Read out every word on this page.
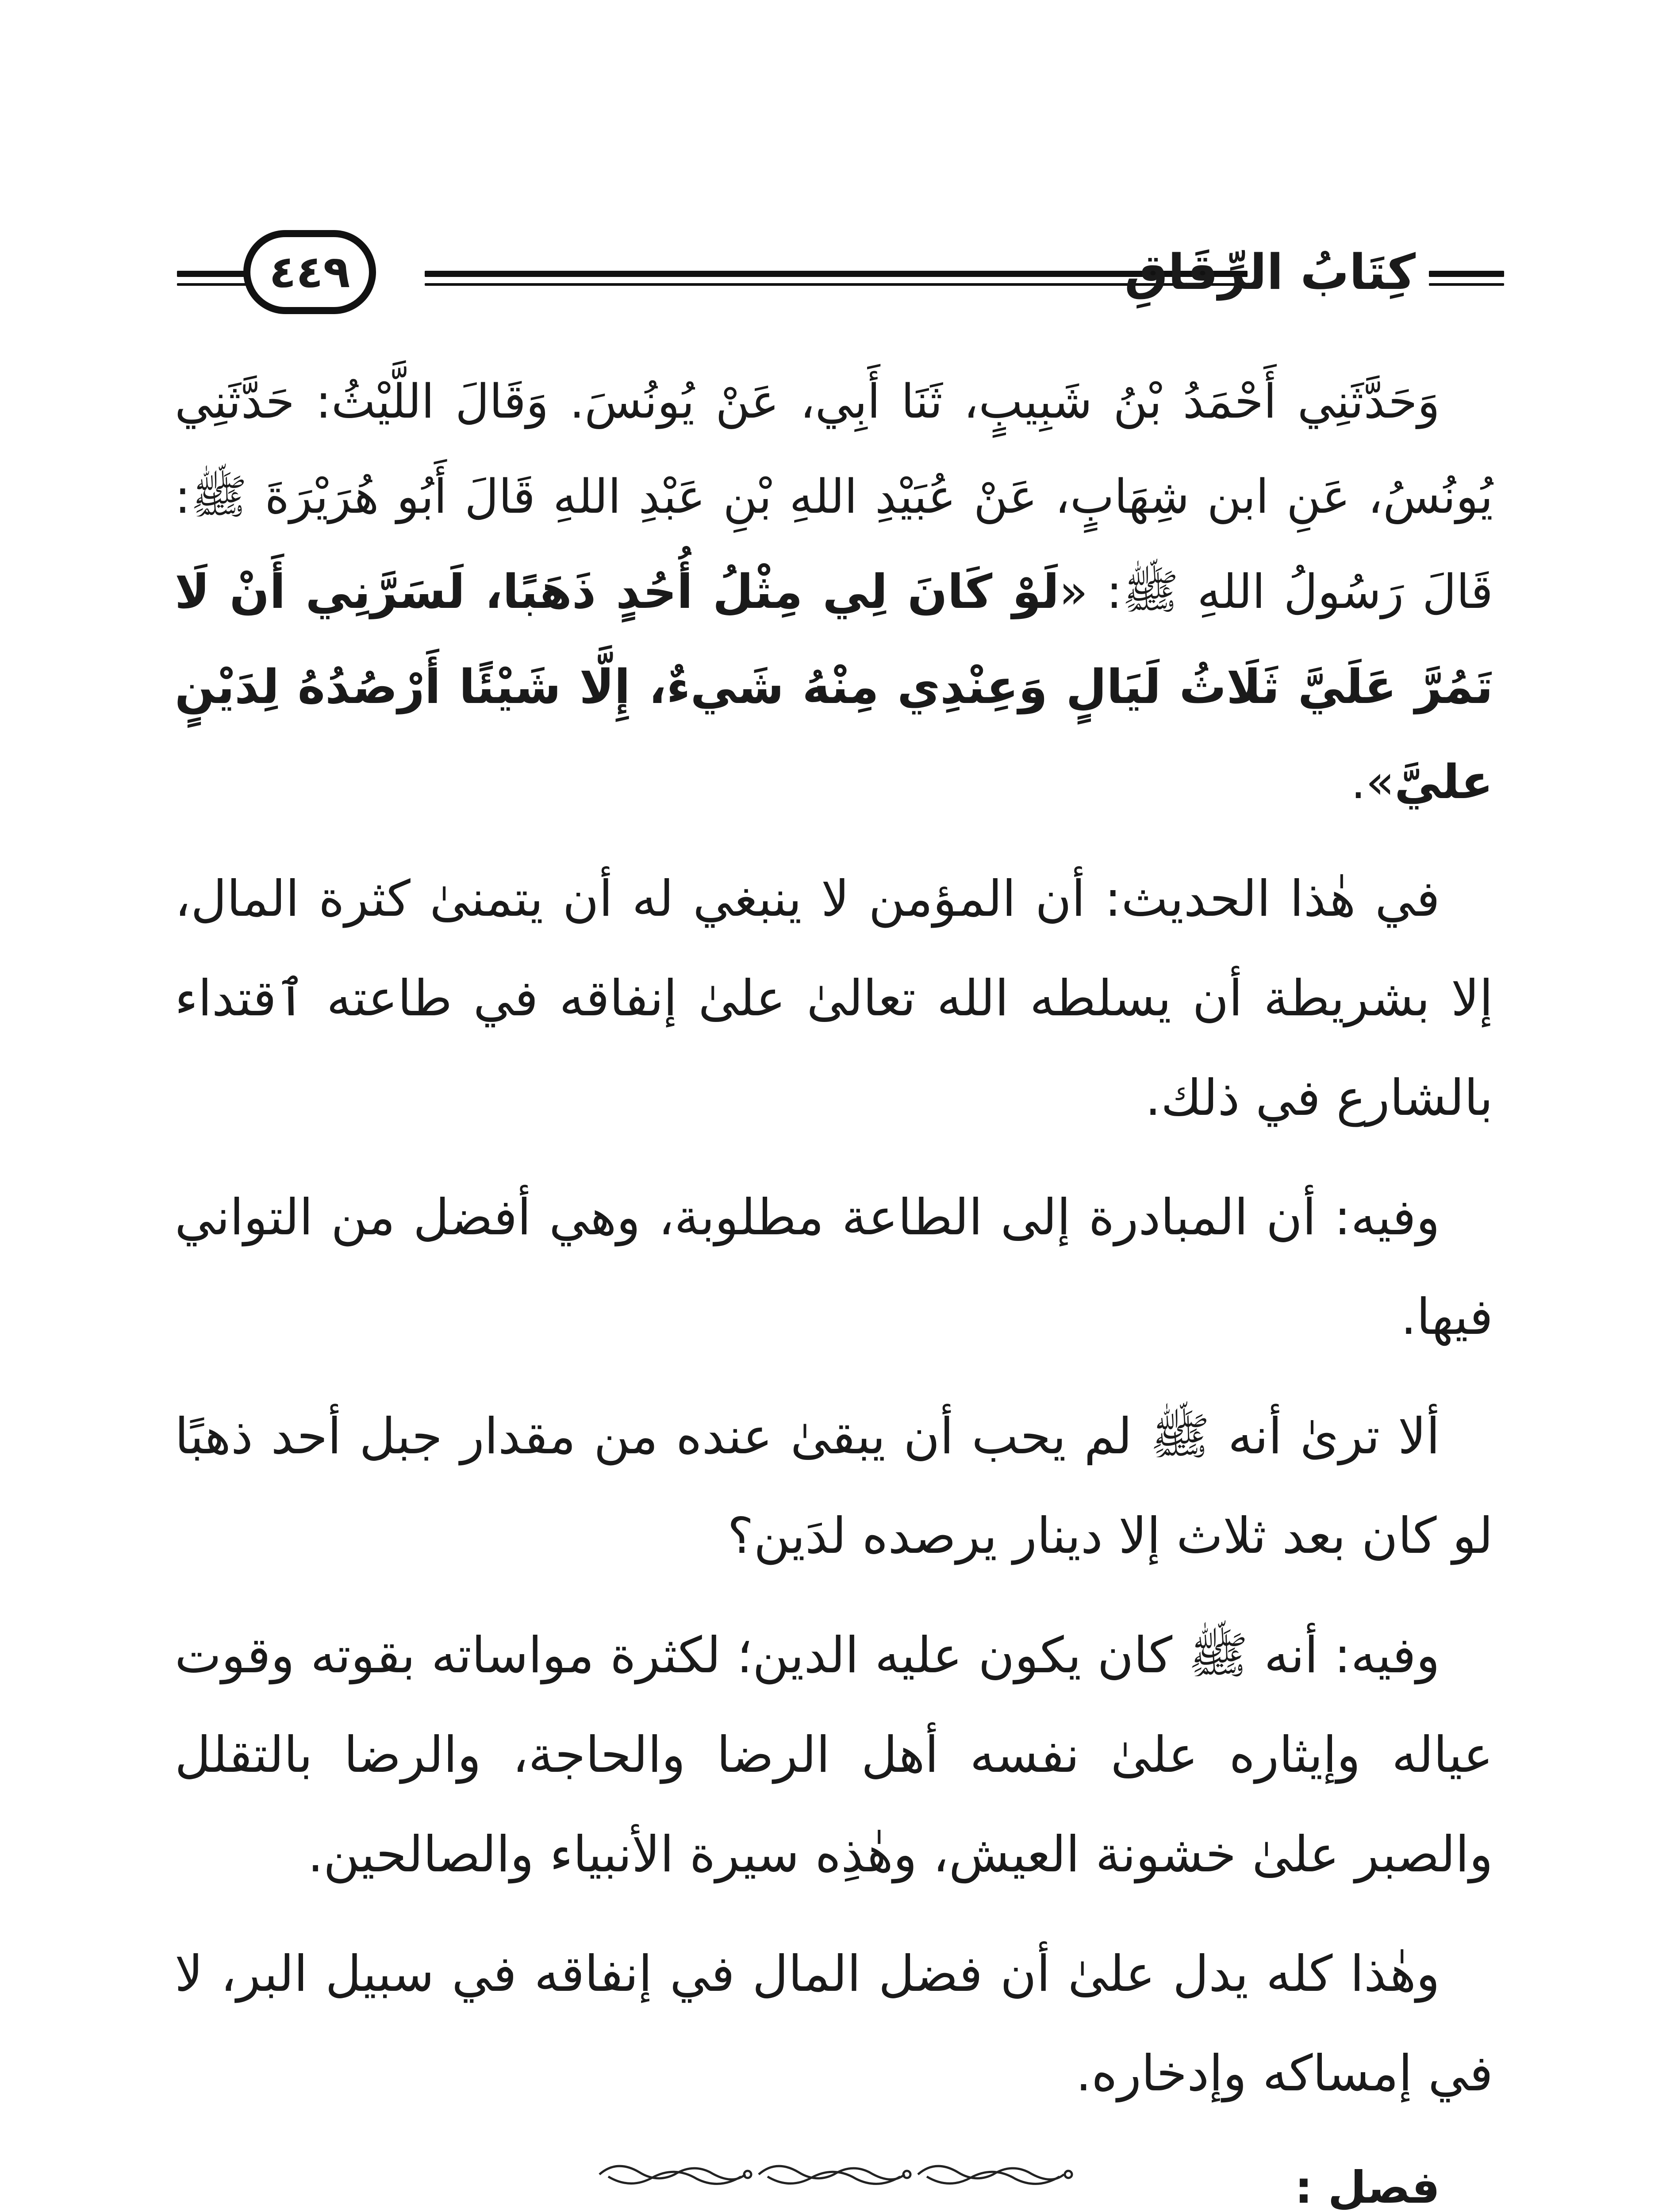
كِتَابُ الرِّقَاقِ
٤٤٩

وَحَدَّثَنِي أَحْمَدُ بْنُ شَبِيبٍ، ثَنَا أَبِي، عَنْ يُونُسَ. وَقَالَ اللَّيْثُ: حَدَّثَنِي يُونُسُ، عَنِ ابن شِهَابٍ، عَنْ عُبَيْدِ اللهِ بْنِ عَبْدِ اللهِ قَالَ أَبُو هُرَيْرَةَ ﷺ: قَالَ رَسُولُ اللهِ ﷺ: «لَوْ كَانَ لِي مِثْلُ أُحُدٍ ذَهَبًا، لَسَرَّنِي أَنْ لَا تَمُرَّ عَلَيَّ ثَلَاثُ لَيَالٍ وَعِنْدِي مِنْهُ شَيءٌ، إِلَّا شَيْئًا أَرْصُدُهُ لِدَيْنٍ عليَّ».

في هٰذا الحديث: أن المؤمن لا ينبغي له أن يتمنىٰ كثرة المال، إلا بشريطة أن يسلطه الله تعالىٰ علىٰ إنفاقه في طاعته ٱقتداء بالشارع في ذلك.

وفيه: أن المبادرة إلى الطاعة مطلوبة، وهي أفضل من التواني فيها.

ألا ترىٰ أنه ﷺ لم يحب أن يبقىٰ عنده من مقدار جبل أحد ذهبًا لو كان بعد ثلاث إلا دينار يرصده لدَين؟

وفيه: أنه ﷺ كان يكون عليه الدين؛ لكثرة مواساته بقوته وقوت عياله وإيثاره علىٰ نفسه أهل الرضا والحاجة، والرضا بالتقلل والصبر علىٰ خشونة العيش، وهٰذِه سيرة الأنبياء والصالحين.

وهٰذا كله يدل علىٰ أن فضل المال في إنفاقه في سبيل البر، لا في إمساكه وإدخاره.

فصل :
